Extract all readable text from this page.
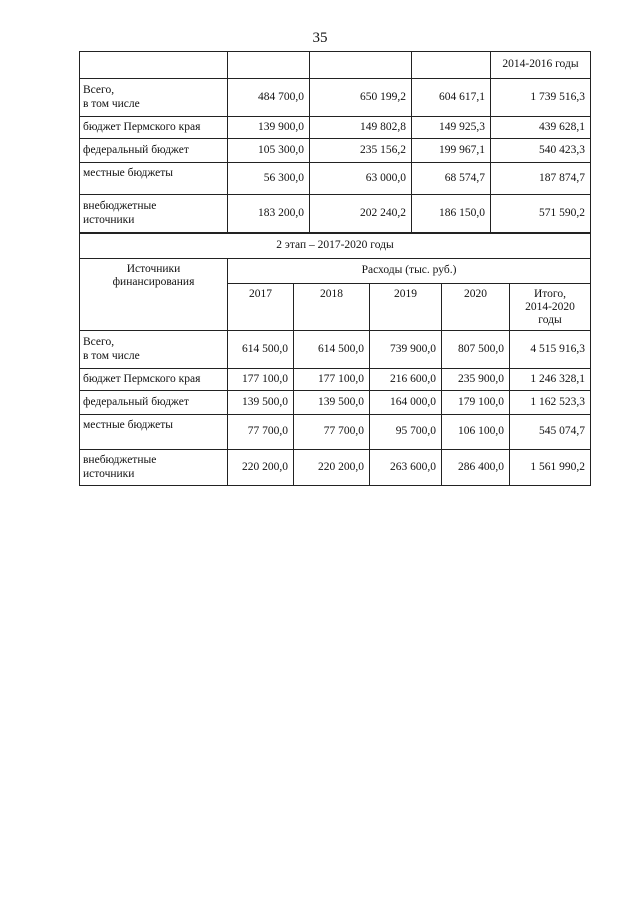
35
				2014-2016 годы
Всего,
в том числе	484 700,0	650 199,2	604 617,1	1 739 516,3
бюджет Пермского края	139 900,0	149 802,8	149 925,3	439 628,1
федеральный бюджет	105 300,0	235 156,2	199 967,1	540 423,3
местные бюджеты	56 300,0	63 000,0	68 574,7	187 874,7
внебюджетные
источники	183 200,0	202 240,2	186 150,0	571 590,2
2 этап – 2017-2020 годы					
Источники
финансирования	Расходы (тыс. руб.)				
	2017	2018	2019	2020	Итого,
2014-2020
годы
Всего,
в том числе	614 500,0	614 500,0	739 900,0	807 500,0	4 515 916,3
бюджет Пермского края	177 100,0	177 100,0	216 600,0	235 900,0	1 246 328,1
федеральный бюджет	139 500,0	139 500,0	164 000,0	179 100,0	1 162 523,3
местные бюджеты	77 700,0	77 700,0	95 700,0	106 100,0	545 074,7
внебюджетные
источники	220 200,0	220 200,0	263 600,0	286 400,0	1 561 990,2
